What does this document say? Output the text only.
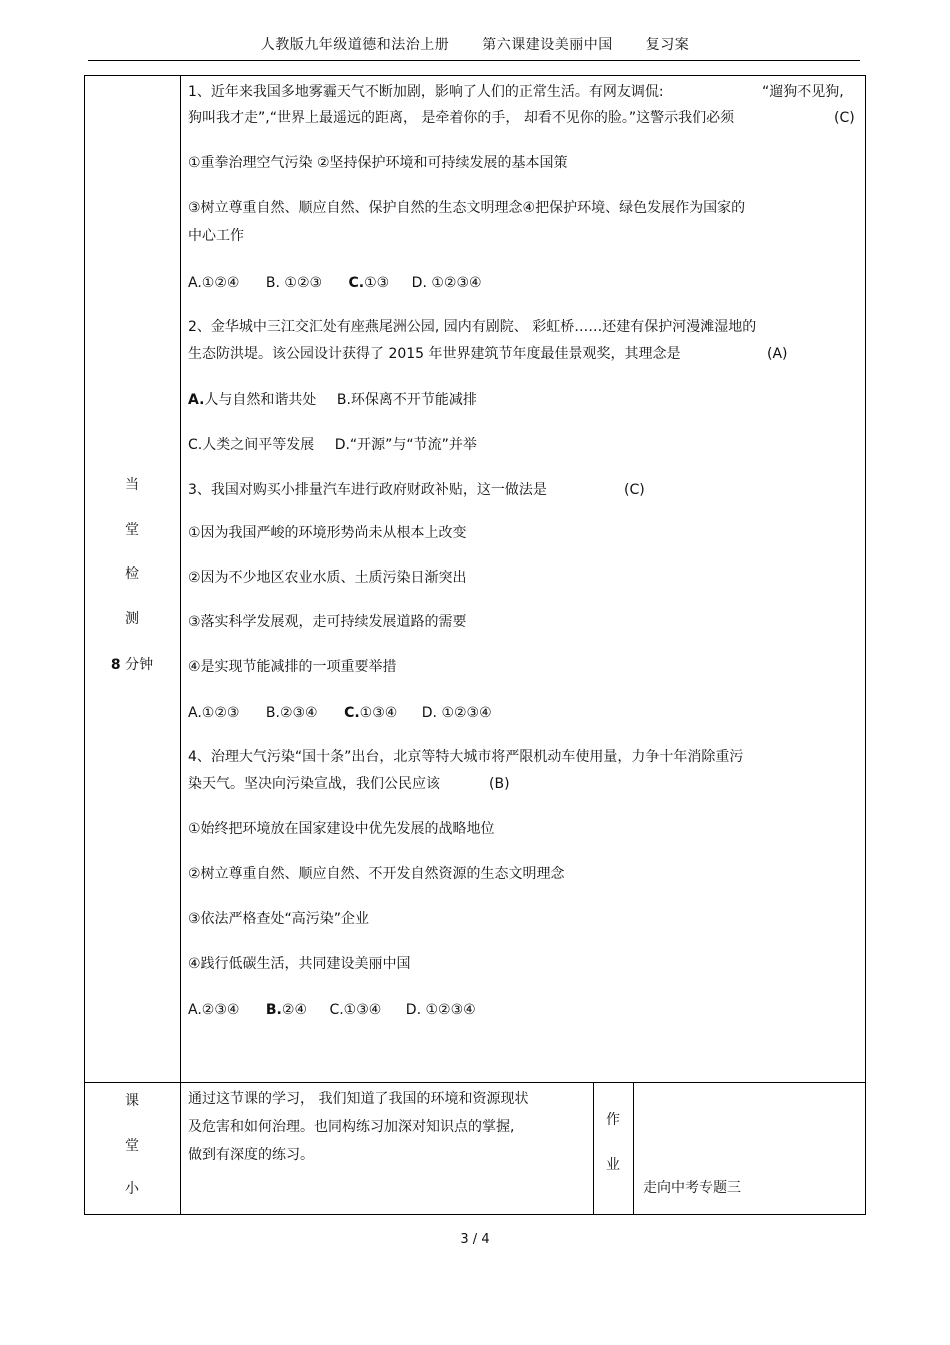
人教版九年级道德和法治上册 第六课建设美丽中国 复习案
当
堂
检
测
8 分钟
1、近年来我国多地雾霾天气不断加剧，影响了人们的正常生活。有网友调侃:	“遛狗不见狗,
狗叫我才走”,“世界上最遥远的距离， 是牵着你的手， 却看不见你的脸。”这警示我们必须	(C)
①重拳治理空气污染 ②坚持保护环境和可持续发展的基本国策
③树立尊重自然、顺应自然、保护自然的生态文明理念④把保护环境、绿色发展作为国家的
中心工作
A.①②④ B. ①②③ C.①③ D. ①②③④
2、金华城中三江交汇处有座燕尾洲公园, 园内有剧院、 彩虹桥……还建有保护河漫滩湿地的
生态防洪堤。该公园设计获得了 2015 年世界建筑节年度最佳景观奖，其理念是	(A)
A.人与自然和谐共处 B.环保离不开节能减排
C.人类之间平等发展 D.“开源”与“节流”并举
3、我国对购买小排量汽车进行政府财政补贴，这一做法是	(C)
①因为我国严峻的环境形势尚未从根本上改变
②因为不少地区农业水质、土质污染日渐突出
③落实科学发展观，走可持续发展道路的需要
④是实现节能减排的一项重要举措
A.①②③ B.②③④ C.①③④ D. ①②③④
4、治理大气污染“国十条”出台，北京等特大城市将严限机动车使用量，力争十年消除重污
染天气。坚决向污染宣战，我们公民应该	(B)
①始终把环境放在国家建设中优先发展的战略地位
②树立尊重自然、顺应自然、不开发自然资源的生态文明理念
③依法严格查处“高污染”企业
④践行低碳生活，共同建设美丽中国
A.②③④ B.②④ C.①③④ D. ①②③④
课
堂
小
通过这节课的学习， 我们知道了我国的环境和资源现状
及危害和如何治理。也同构练习加深对知识点的掌握,
做到有深度的练习。
作
业
走向中考专题三
3 / 4
